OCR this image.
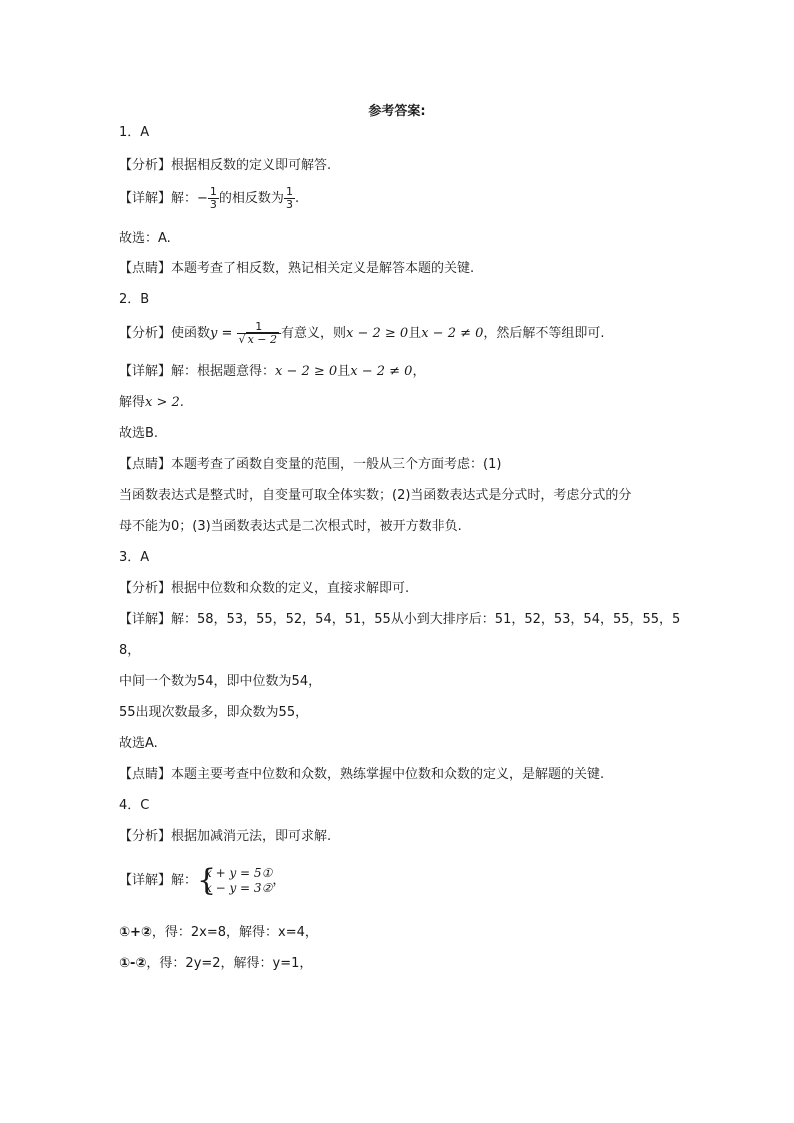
参考答案:
1．A
【分析】根据相反数的定义即可解答.
【详解】解：− $\frac{1}{3}$ 的相反数为 $\frac{1}{3}$ .
故选：A.
【点睛】本题考查了相反数，熟记相关定义是解答本题的关键.
2．B
【分析】使函数$y = \frac{1}{√ x - 2}$ 有意义，则x − 2 ≥ 0且x − 2 ≠ 0，然后解不等组即可.
【详解】解：根据题意得：x − 2 ≥ 0且x − 2 ≠ 0，
解得x > 2.
故选B.
【点睛】本题考查了函数自变量的范围，一般从三个方面考虑：(1)
当函数表达式是整式时，自变量可取全体实数；(2)当函数表达式是分式时，考虑分式的分
母不能为0；(3)当函数表达式是二次根式时，被开方数非负.
3．A
【分析】根据中位数和众数的定义，直接求解即可.
【详解】解：58，53，55，52，54，51，55从小到大排序后：51，52，53，54，55，55，5
8，
中间一个数为54，即中位数为54，
55出现次数最多，即众数为55，
故选A.
【点睛】本题主要考查中位数和众数，熟练掌握中位数和众数的定义，是解题的关键.
4．C
【分析】根据加减消元法，即可求解.
【详解】解： {
x + y = 5①
x − y = 3② ，
①+②，得：2x=8，解得：x=4，
①-②，得：2y=2，解得：y=1，
